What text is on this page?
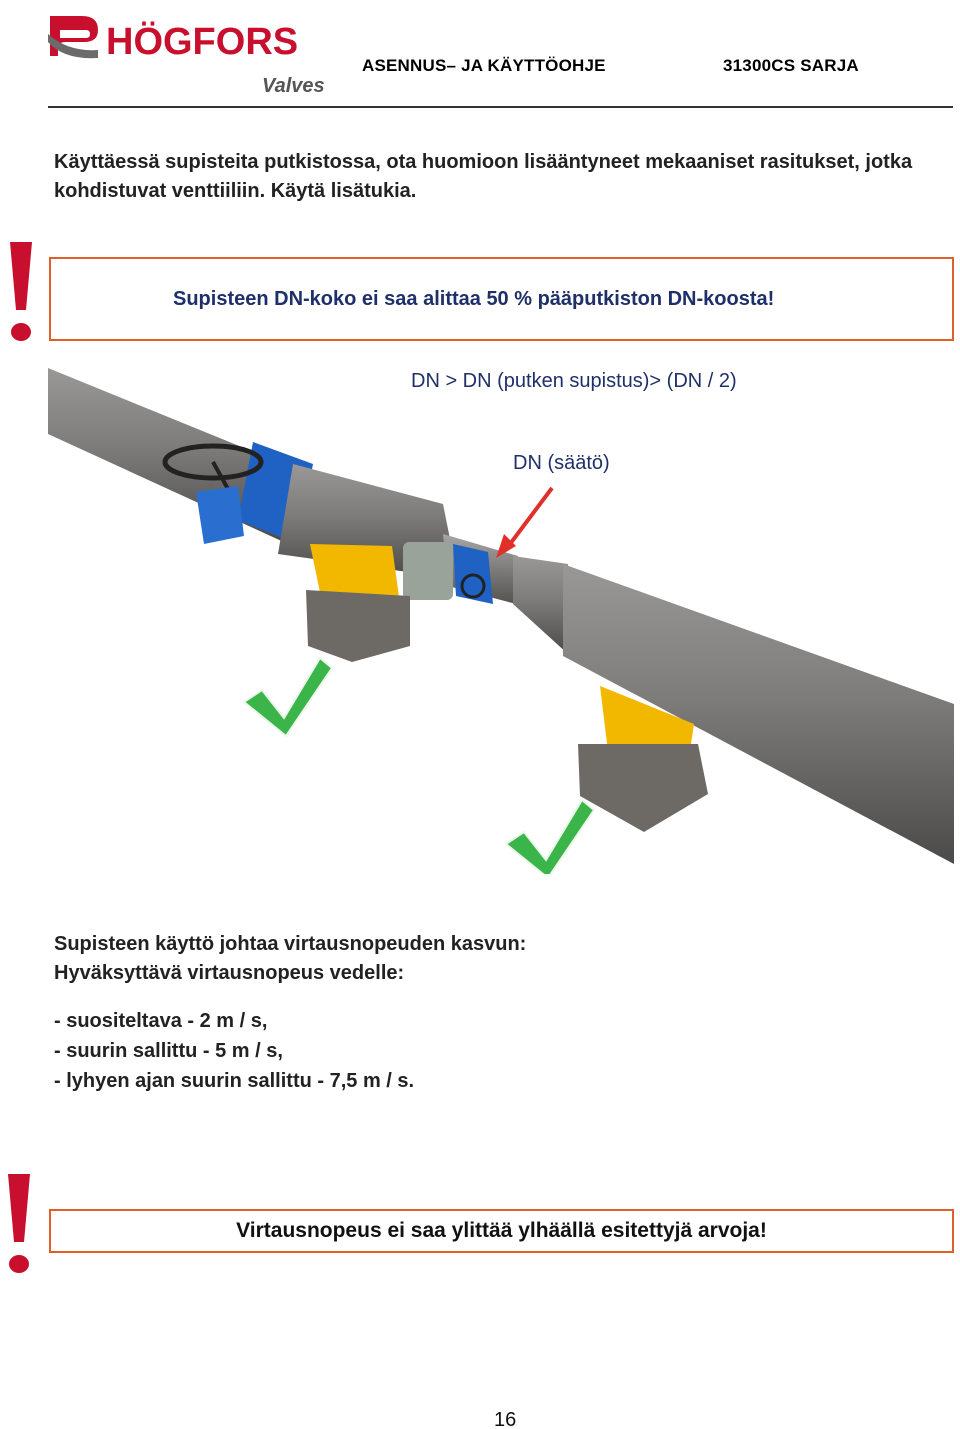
HÖGFORS
Valves
ASENNUS– JA KÄYTTÖOHJE	31300CS SARJA
Käyttäessä supisteita putkistossa, ota huomioon lisääntyneet mekaaniset rasitukset, jotka kohdistuvat venttiiliin. Käytä lisätukia.
Supisteen DN-koko ei saa alittaa 50 % pääputkiston DN-koosta!
DN > DN (putken supistus)> (DN / 2)
DN (säätö)
Supisteen käyttö johtaa virtausnopeuden kasvun:
Hyväksyttävä virtausnopeus vedelle:
- suositeltava - 2 m / s,
- suurin sallittu - 5 m / s,
- lyhyen ajan suurin sallittu - 7,5 m / s.
Virtausnopeus ei saa ylittää ylhäällä esitettyjä arvoja!
16
